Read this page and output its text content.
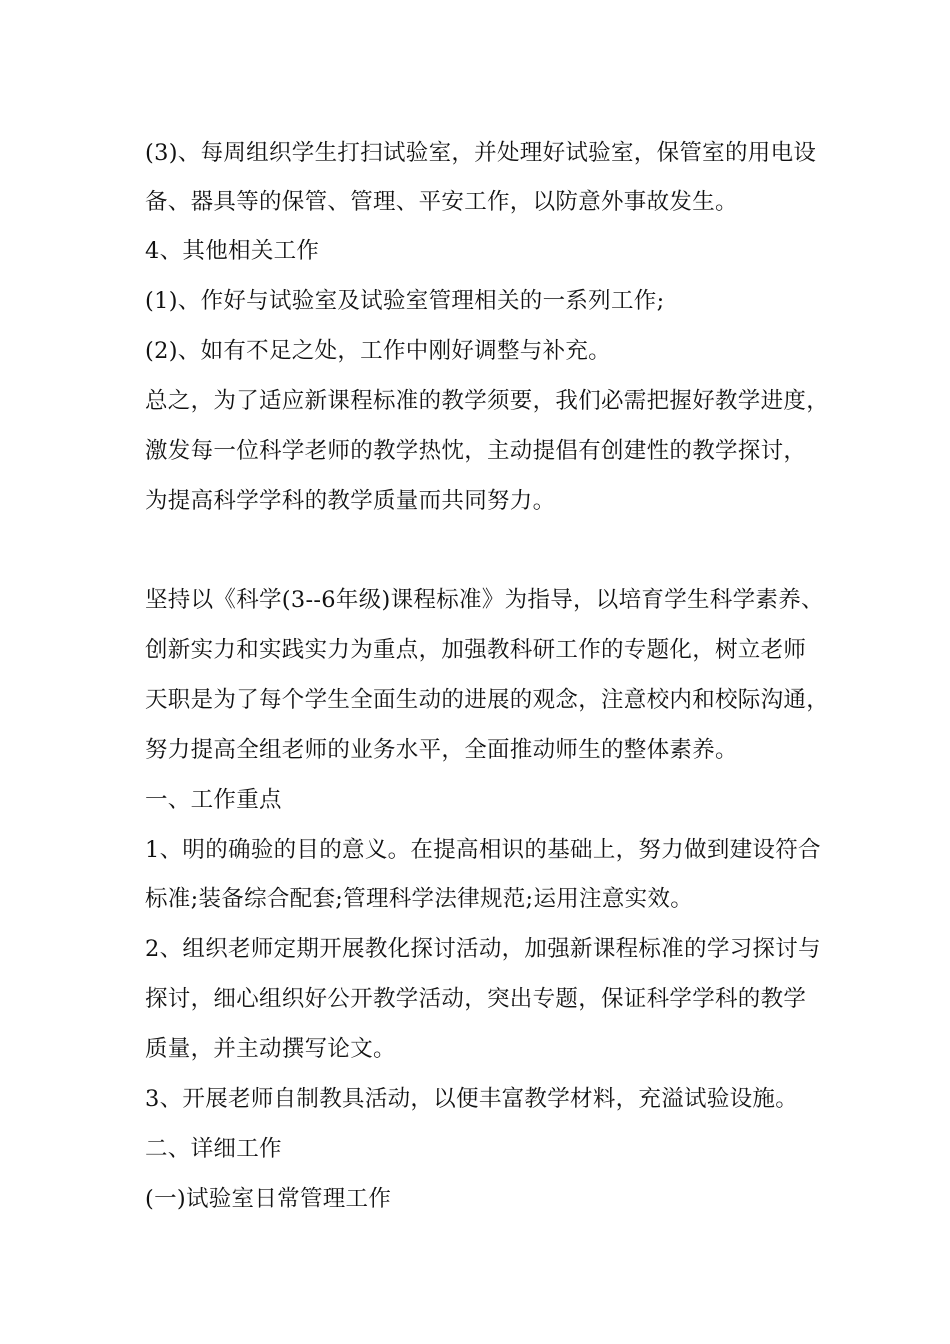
(3)、每周组织学生打扫试验室，并处理好试验室，保管室的用电设
备、器具等的保管、管理、平安工作，以防意外事故发生。
4、其他相关工作
(1)、作好与试验室及试验室管理相关的一系列工作;
(2)、如有不足之处，工作中刚好调整与补充。
总之，为了适应新课程标准的教学须要，我们必需把握好教学进度，
激发每一位科学老师的教学热忱，主动提倡有创建性的教学探讨，
为提高科学学科的教学质量而共同努力。
坚持以《科学(3--6年级)课程标准》为指导，以培育学生科学素养、
创新实力和实践实力为重点，加强教科研工作的专题化，树立老师
天职是为了每个学生全面生动的进展的观念，注意校内和校际沟通，
努力提高全组老师的业务水平，全面推动师生的整体素养。
一、工作重点
1、明的确验的目的意义。在提高相识的基础上，努力做到建设符合
标准;装备综合配套;管理科学法律规范;运用注意实效。
2、组织老师定期开展教化探讨活动，加强新课程标准的学习探讨与
探讨，细心组织好公开教学活动，突出专题，保证科学学科的教学
质量，并主动撰写论文。
3、开展老师自制教具活动，以便丰富教学材料，充溢试验设施。
二、详细工作
(一)试验室日常管理工作
